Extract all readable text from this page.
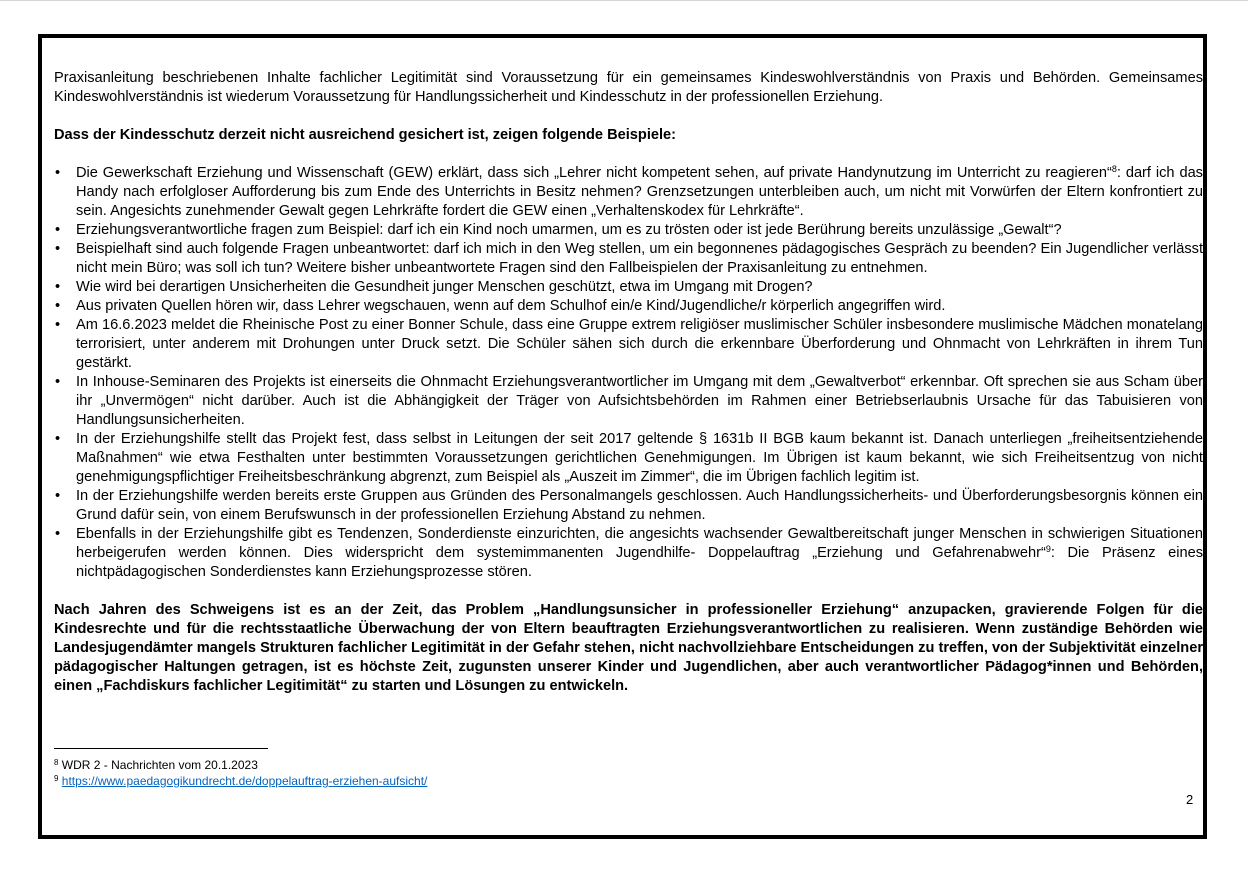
Praxisanleitung beschriebenen Inhalte fachlicher Legitimität sind Voraussetzung für ein gemeinsames Kindeswohlverständnis von Praxis und Behörden. Gemeinsames Kindeswohlverständnis ist wiederum Voraussetzung für Handlungssicherheit und Kindesschutz in der professionellen Erziehung.

Dass der Kindesschutz derzeit nicht ausreichend gesichert ist, zeigen folgende Beispiele:

•	Die Gewerkschaft Erziehung und Wissenschaft (GEW) erklärt, dass sich „Lehrer nicht kompetent sehen, auf private Handynutzung im Unterricht zu reagieren“$^8$: darf ich das Handy nach erfolgloser Aufforderung bis zum Ende des Unterrichts in Besitz nehmen? Grenzsetzungen unterbleiben auch, um nicht mit Vorwürfen der Eltern konfrontiert zu sein. Angesichts zunehmender Gewalt gegen Lehrkräfte fordert die GEW einen „Verhaltenskodex für Lehrkräfte“.
•	Erziehungsverantwortliche fragen zum Beispiel: darf ich ein Kind noch umarmen, um es zu trösten oder ist jede Berührung bereits unzulässige „Gewalt“?
•	Beispielhaft sind auch folgende Fragen unbeantwortet: darf ich mich in den Weg stellen, um ein begonnenes pädagogisches Gespräch zu beenden? Ein Jugendlicher verlässt nicht mein Büro; was soll ich tun? Weitere bisher unbeantwortete Fragen sind den Fallbeispielen der Praxisanleitung zu entnehmen.
•	Wie wird bei derartigen Unsicherheiten die Gesundheit junger Menschen geschützt, etwa im Umgang mit Drogen?
•	Aus privaten Quellen hören wir, dass Lehrer wegschauen, wenn auf dem Schulhof ein/e Kind/Jugendliche/r körperlich angegriffen wird.
•	Am 16.6.2023 meldet die Rheinische Post zu einer Bonner Schule, dass eine Gruppe extrem religiöser muslimischer Schüler insbesondere muslimische Mädchen monatelang terrorisiert, unter anderem mit Drohungen unter Druck setzt. Die Schüler sähen sich durch die erkennbare Überforderung und Ohnmacht von Lehrkräften in ihrem Tun gestärkt.
•	In Inhouse-Seminaren des Projekts ist einerseits die Ohnmacht Erziehungsverantwortlicher im Umgang mit dem „Gewaltverbot“ erkennbar. Oft sprechen sie aus Scham über ihr „Unvermögen“ nicht darüber. Auch ist die Abhängigkeit der Träger von Aufsichtsbehörden im Rahmen einer Betriebserlaubnis Ursache für das Tabuisieren von Handlungsunsicherheiten.
•	In der Erziehungshilfe stellt das Projekt fest, dass selbst in Leitungen der seit 2017 geltende § 1631b II BGB kaum bekannt ist. Danach unterliegen „freiheitsentziehende Maßnahmen“ wie etwa Festhalten unter bestimmten Voraussetzungen gerichtlichen Genehmigungen. Im Übrigen ist kaum bekannt, wie sich Freiheitsentzug von nicht genehmigungspflichtiger Freiheitsbeschränkung abgrenzt, zum Beispiel als „Auszeit im Zimmer“, die im Übrigen fachlich legitim ist.
•	In der Erziehungshilfe werden bereits erste Gruppen aus Gründen des Personalmangels geschlossen. Auch Handlungssicherheits- und Überforderungsbesorgnis können ein Grund dafür sein, von einem Berufswunsch in der professionellen Erziehung Abstand zu nehmen.
•	Ebenfalls in der Erziehungshilfe gibt es Tendenzen, Sonderdienste einzurichten, die angesichts wachsender Gewaltbereitschaft junger Menschen in schwierigen Situationen herbeigerufen werden können. Dies widerspricht dem systemimmanenten Jugendhilfe- Doppelauftrag „Erziehung und Gefahrenabwehr“$^9$: Die Präsenz eines nichtpädagogischen Sonderdienstes kann Erziehungsprozesse stören.

Nach Jahren des Schweigens ist es an der Zeit, das Problem „Handlungsunsicher in professioneller Erziehung“ anzupacken, gravierende Folgen für die Kindesrechte und für die rechtsstaatliche Überwachung der von Eltern beauftragten Erziehungsverantwortlichen zu realisieren. Wenn zuständige Behörden wie Landesjugendämter mangels Strukturen fachlicher Legitimität in der Gefahr stehen, nicht nachvollziehbare Entscheidungen zu treffen, von der Subjektivität einzelner pädagogischer Haltungen getragen, ist es höchste Zeit, zugunsten unserer Kinder und Jugendlichen, aber auch verantwortlicher Pädagog*innen und Behörden, einen „Fachdiskurs fachlicher Legitimität“ zu starten und Lösungen zu entwickeln.

$^8$ WDR 2 - Nachrichten vom 20.1.2023
$^9$ https://www.paedagogikundrecht.de/doppelauftrag-erziehen-aufsicht/
2
